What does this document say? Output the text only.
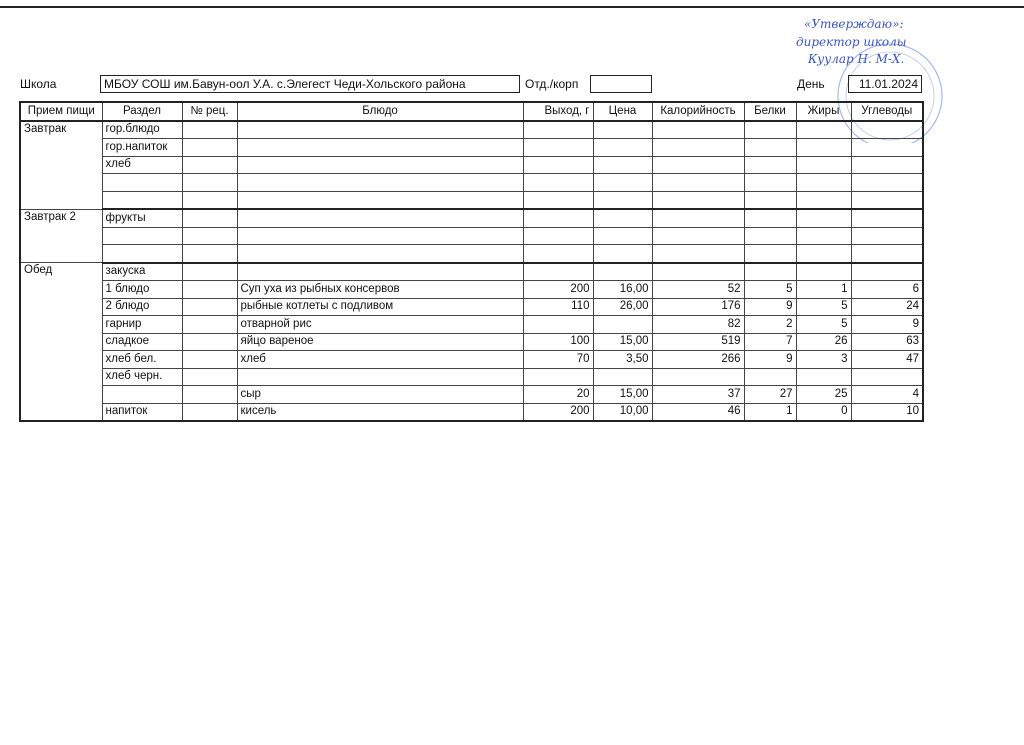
«Утверждаю»:
директор школы
Куулар Н. М-Х.
Школа	МБОУ СОШ им.Бавун-оол У.А. с.Элегест Чеди-Хольского района	Отд./корп	День	11.01.2024
Прием пищи	Раздел	№ рец.	Блюдо	Выход, г	Цена	Калорийность	Белки	Жиры	Углеводы
Завтрак	гор.блюдо								
	гор.напиток								
	хлеб								

Завтрак 2	фрукты								

Обед	закуска								
	1 блюдо		Суп уха из рыбных консервов	200	16,00	52	5	1	6
	2 блюдо		рыбные котлеты с подливом	110	26,00	176	9	5	24
	гарнир		отварной рис			82	2	5	9
	сладкое		яйцо вареное	100	15,00	519	7	26	63
	хлеб бел.		хлеб	70	3,50	266	9	3	47
	хлеб черн.								
			сыр	20	15,00	37	27	25	4
	напиток		кисель	200	10,00	46	1	0	10
